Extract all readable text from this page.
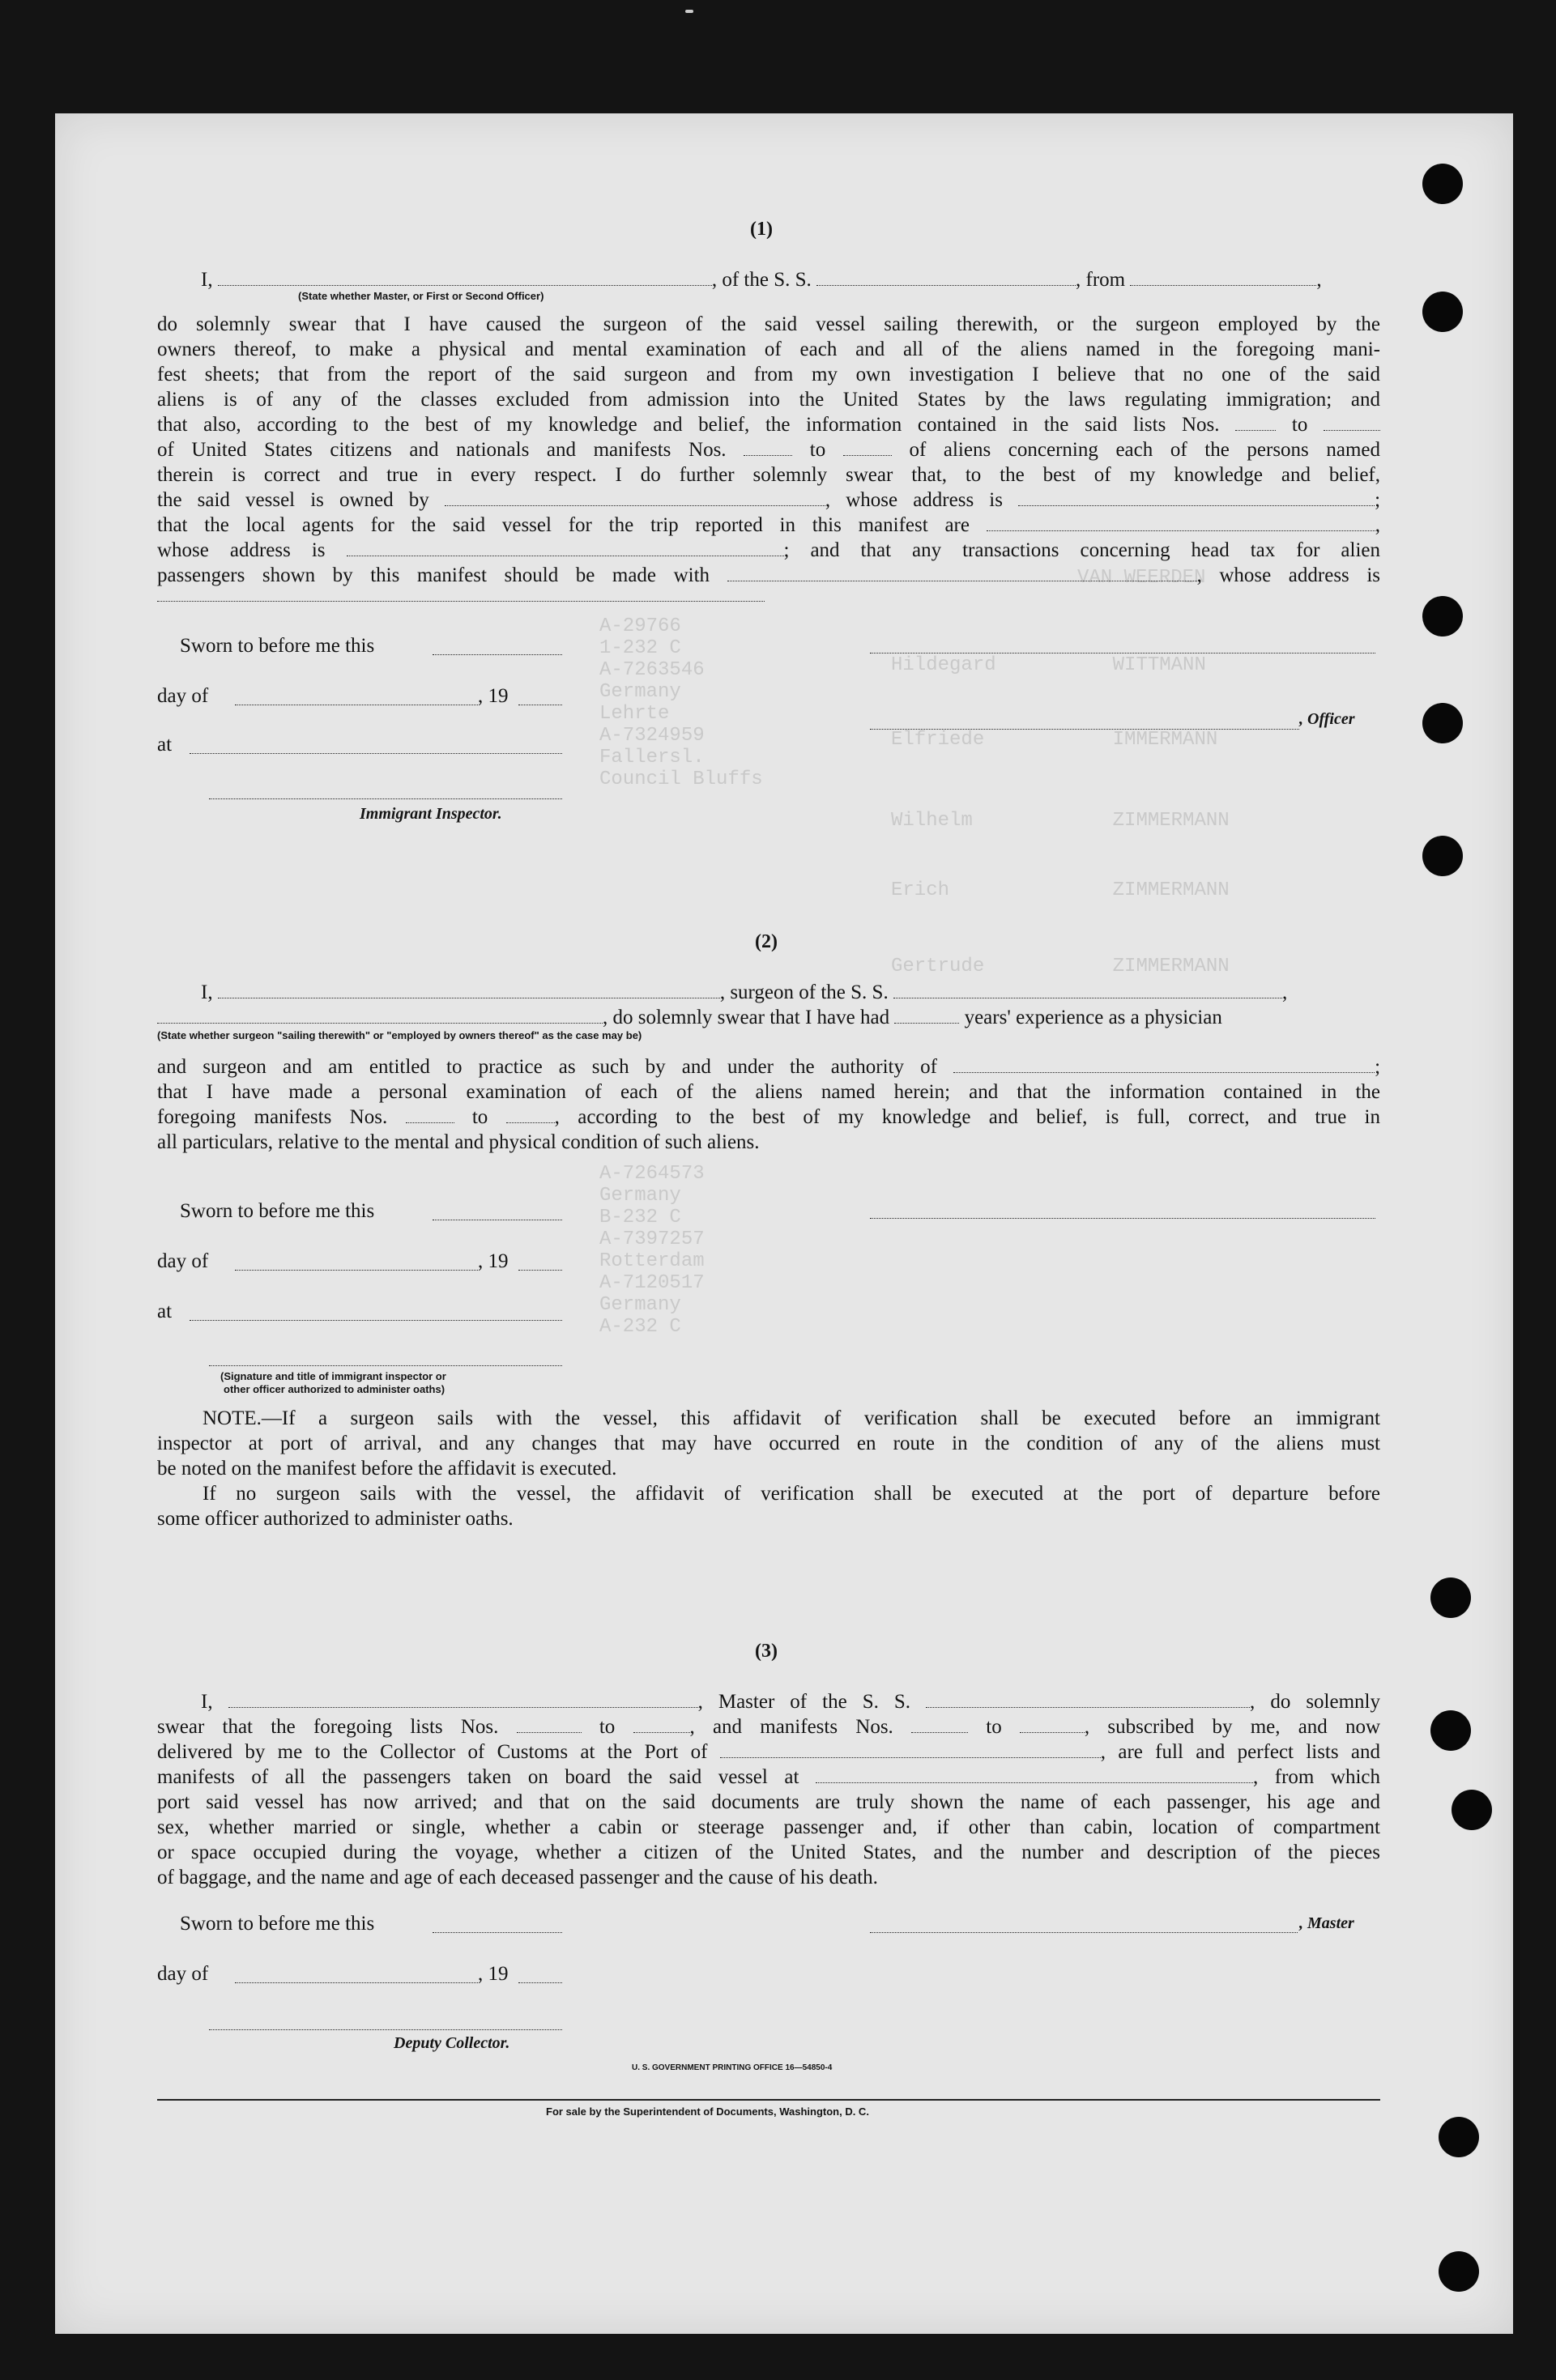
VAN WEERDEN
Hildegard          WITTMANN
Elfriede           IMMERMANN
Wilhelm            ZIMMERMANN
Erich              ZIMMERMANN
Gertrude           ZIMMERMANN
A-29766
1-232 C
A-7263546
Germany
Lehrte
A-7324959
Fallersl.
Council Bluffs
A-7264573
Germany
B-232 C
A-7397257
Rotterdam
A-7120517
Germany
A-232 C
(1)
I,	, of the S. S.	, from	,
(State whether Master, or First or Second Officer)
do solemnly swear that I have caused the surgeon of the said vessel sailing therewith, or the surgeon employed by the
owners thereof, to make a physical and mental examination of each and all of the aliens named in the foregoing mani-
fest sheets; that from the report of the said surgeon and from my own investigation I believe that no one of the said
aliens is of any of the classes excluded from admission into the United States by the laws regulating immigration; and
that also, according to the best of my knowledge and belief, the information contained in the said lists Nos.	to
of United States citizens and nationals and manifests Nos.	to	of aliens concerning each of the persons named
therein is correct and true in every respect. I do further solemnly swear that, to the best of my knowledge and belief,
the said vessel is owned by	, whose address is	;
that the local agents for the said vessel for the trip reported in this manifest are	,
whose address is	; and that any transactions concerning head tax for alien
passengers shown by this manifest should be made with	, whose address is
Sworn to before me this
day of	, 19
, Officer
at
Immigrant Inspector.
(2)
I,	, surgeon of the S. S.	,
, do solemnly swear that I have had	years' experience as a physician
(State whether surgeon "sailing therewith" or "employed by owners thereof" as the case may be)
and surgeon and am entitled to practice as such by and under the authority of	;
that I have made a personal examination of each of the aliens named herein; and that the information contained in the
foregoing manifests Nos.	to	, according to the best of my knowledge and belief, is full, correct, and true in
all particulars, relative to the mental and physical condition of such aliens.
Sworn to before me this
day of	, 19
at
(Signature and title of immigrant inspector or
other officer authorized to administer oaths)
NOTE.—If a surgeon sails with the vessel, this affidavit of verification shall be executed before an immigrant
inspector at port of arrival, and any changes that may have occurred en route in the condition of any of the aliens must
be noted on the manifest before the affidavit is executed.
If no surgeon sails with the vessel, the affidavit of verification shall be executed at the port of departure before
some officer authorized to administer oaths.
(3)
I,	, Master of the S. S.	, do solemnly
swear that the foregoing lists Nos.	to	, and manifests Nos.	to	, subscribed by me, and now
delivered by me to the Collector of Customs at the Port of	, are full and perfect lists and
manifests of all the passengers taken on board the said vessel at	, from which
port said vessel has now arrived; and that on the said documents are truly shown the name of each passenger, his age and
sex, whether married or single, whether a cabin or steerage passenger and, if other than cabin, location of compartment
or space occupied during the voyage, whether a citizen of the United States, and the number and description of the pieces
of baggage, and the name and age of each deceased passenger and the cause of his death.
Sworn to before me this	, Master
day of	, 19
Deputy Collector.
U. S. GOVERNMENT PRINTING OFFICE 16—54850-4
For sale by the Superintendent of Documents, Washington, D. C.
